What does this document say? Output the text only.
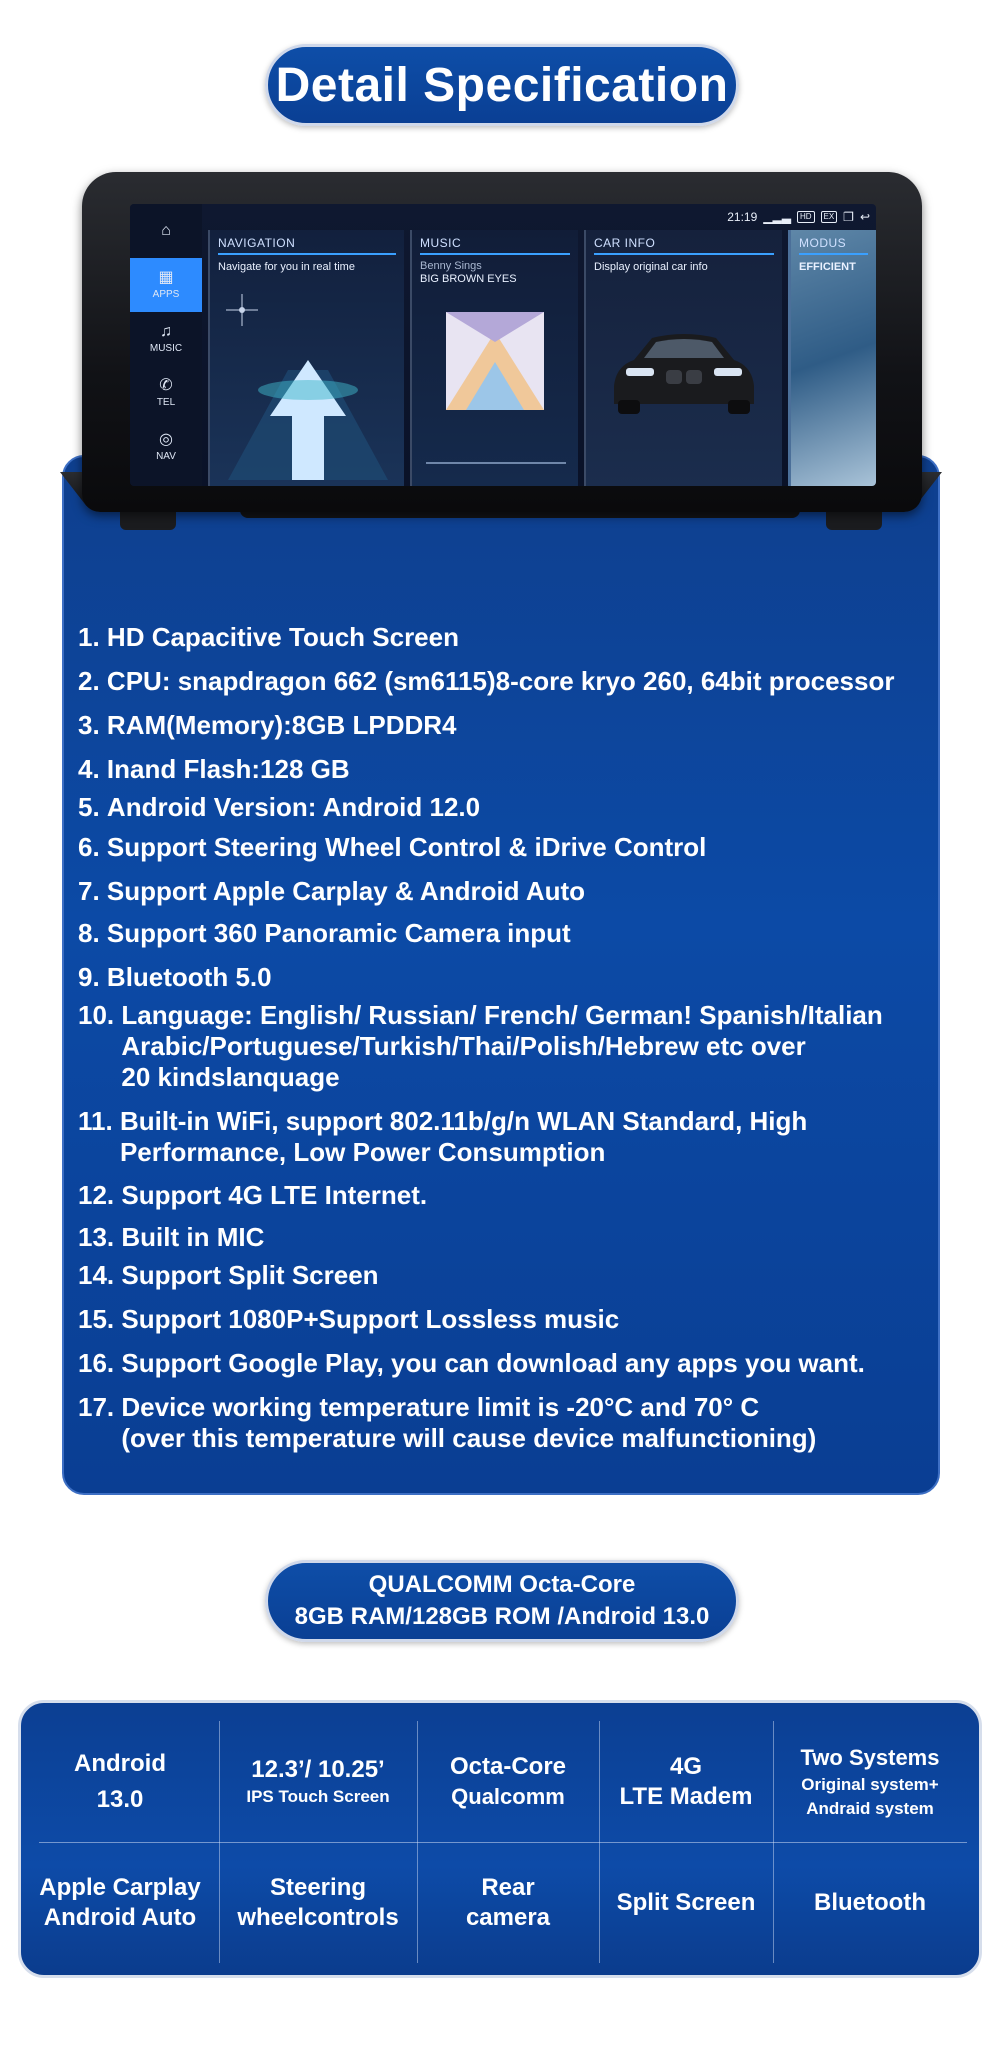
Detail Specification
⌂
▦
APPS
♫
MUSIC
✆
TEL
◎
NAV
21:19 ▁▂▃	HD	EX ❐ ↩
NAVIGATION
Navigate for you in real time
MUSIC
Benny Sings
BIG BROWN EYES
CAR INFO
Display original car info
MODUS
EFFICIENT
1.
HD Capacitive Touch Screen
2.
CPU: snapdragon 662 (sm6115)8-core kryo 260, 64bit processor
3.
RAM(Memory):8GB LPDDR4
4.
Inand Flash:128 GB
5.
Android Version: Android 12.0
6.
Support Steering Wheel Control & iDrive Control
7.
Support Apple Carplay & Android Auto
8.
Support 360 Panoramic Camera input
9.
Bluetooth 5.0
10.
Language: English/ Russian/ French/ German! Spanish/Italian
Arabic/Portuguese/Turkish/Thai/Polish/Hebrew etc over
20 kindslanquage
11.
Built-in WiFi, support 802.11b/g/n WLAN Standard, High
Performance, Low Power Consumption
12.
Support 4G LTE Internet.
13.
Built in MIC
14.
Support Split Screen
15.
Support 1080P+Support Lossless music
16.
Support Google Play, you can download any apps you want.
17.
Device working temperature limit is -20°C and 70° C
(over this temperature will cause device malfunctioning)
QUALCOMM Octa-Core
8GB RAM/128GB ROM /Android 13.0
Android
13.0
12.3’/ 10.25’
IPS Touch Screen
Octa-Core
Qualcomm
4G
LTE Madem
Two Systems
Original system+
Andraid system
Apple Carplay
Android Auto
Steering
wheelcontrols
Rear
camera
Split Screen Bluetooth
